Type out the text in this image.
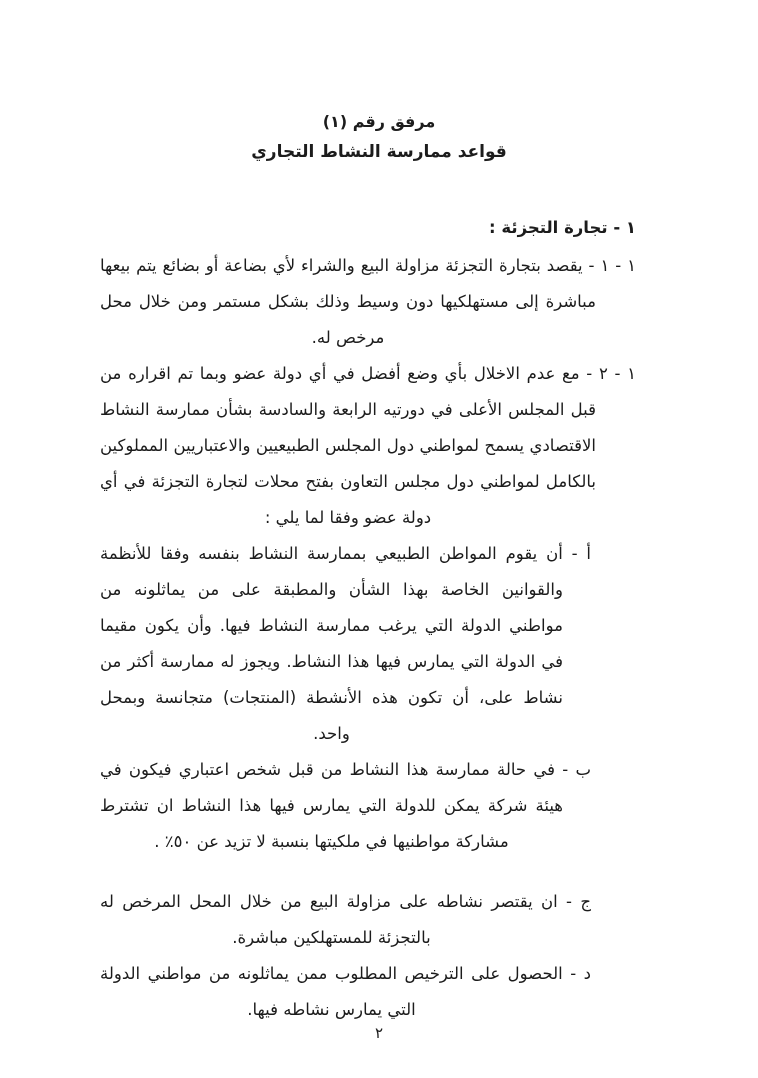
مرفق رقم (١)
قواعد ممارسة النشاط التجاري

١ - تجارة التجزئة :

١ - ١ - يقصد بتجارة التجزئة مزاولة البيع والشراء لأي بضاعة أو بضائع يتم بيعها مباشرة إلى مستهلكيها دون وسيط وذلك بشكل مستمر ومن خلال محل مرخص له.

١ - ٢ - مع عدم الاخلال بأي وضع أفضل في أي دولة عضو وبما تم اقراره من قبل المجلس الأعلى في دورتيه الرابعة والسادسة بشأن ممارسة النشاط الاقتصادي يسمح لمواطني دول المجلس الطبيعيين والاعتباريين المملوكين بالكامل لمواطني دول مجلس التعاون بفتح محلات لتجارة التجزئة في أي دولة عضو وفقا لما يلي :

أ - أن يقوم المواطن الطبيعي بممارسة النشاط بنفسه وفقا للأنظمة والقوانين الخاصة بهذا الشأن والمطبقة على من يماثلونه من مواطني الدولة التي يرغب ممارسة النشاط فيها. وأن يكون مقيما في الدولة التي يمارس فيها هذا النشاط. ويجوز له ممارسة أكثر من نشاط على، أن تكون هذه الأنشطة (المنتجات) متجانسة وبمحل واحد.

ب - في حالة ممارسة هذا النشاط من قبل شخص اعتباري فيكون في هيئة شركة يمكن للدولة التي يمارس فيها هذا النشاط ان تشترط مشاركة مواطنيها في ملكيتها بنسبة لا تزيد عن ٥٠٪ .

ج - ان يقتصر نشاطه على مزاولة البيع من خلال المحل المرخص له بالتجزئة للمستهلكين مباشرة.

د - الحصول على الترخيص المطلوب ممن يماثلونه من مواطني الدولة التي يمارس نشاطه فيها.

٢
